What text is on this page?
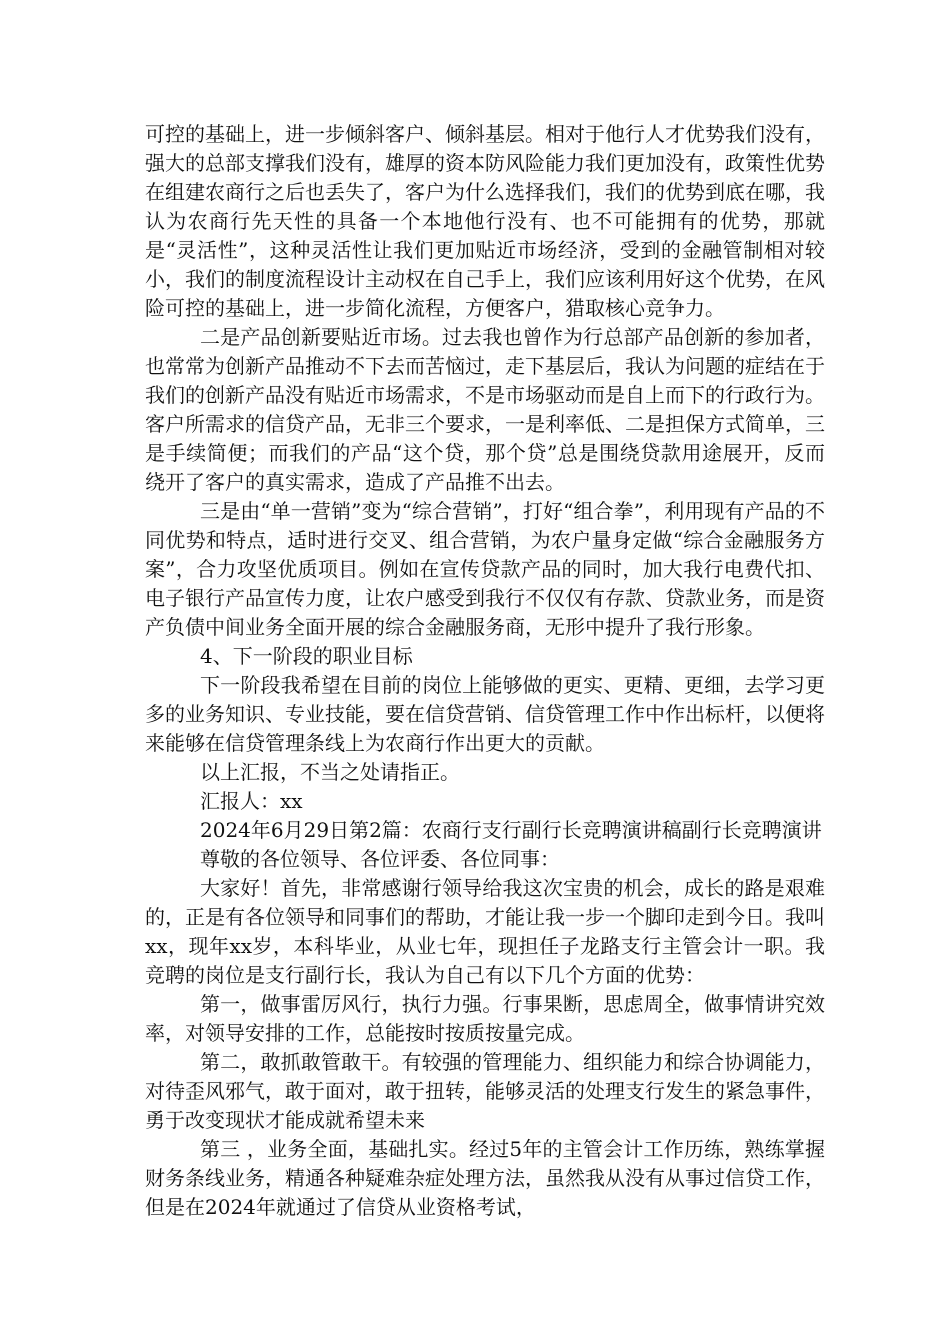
可控的基础上，进一步倾斜客户、倾斜基层。相对于他行人才优势我们没有，强大的总部支撑我们没有，雄厚的资本防风险能力我们更加没有，政策性优势在组建农商行之后也丢失了，客户为什么选择我们，我们的优势到底在哪，我认为农商行先天性的具备一个本地他行没有、也不可能拥有的优势，那就是“灵活性”，这种灵活性让我们更加贴近市场经济，受到的金融管制相对较小，我们的制度流程设计主动权在自己手上，我们应该利用好这个优势，在风险可控的基础上，进一步简化流程，方便客户，猎取核心竞争力。

二是产品创新要贴近市场。过去我也曾作为行总部产品创新的参加者，也常常为创新产品推动不下去而苦恼过，走下基层后，我认为问题的症结在于我们的创新产品没有贴近市场需求，不是市场驱动而是自上而下的行政行为。客户所需求的信贷产品，无非三个要求，一是利率低、二是担保方式简单，三是手续简便；而我们的产品“这个贷，那个贷”总是围绕贷款用途展开，反而绕开了客户的真实需求，造成了产品推不出去。

三是由“单一营销”变为“综合营销”，打好“组合拳”，利用现有产品的不同优势和特点，适时进行交叉、组合营销，为农户量身定做“综合金融服务方案”，合力攻坚优质项目。例如在宣传贷款产品的同时，加大我行电费代扣、电子银行产品宣传力度，让农户感受到我行不仅仅有存款、贷款业务，而是资产负债中间业务全面开展的综合金融服务商，无形中提升了我行形象。

4、下一阶段的职业目标

下一阶段我希望在目前的岗位上能够做的更实、更精、更细，去学习更多的业务知识、专业技能，要在信贷营销、信贷管理工作中作出标杆，以便将来能够在信贷管理条线上为农商行作出更大的贡献。

以上汇报，不当之处请指正。

汇报人：xx

2024年6月29日第2篇：农商行支行副行长竞聘演讲稿副行长竞聘演讲

尊敬的各位领导、各位评委、各位同事：

大家好！首先，非常感谢行领导给我这次宝贵的机会，成长的路是艰难的，正是有各位领导和同事们的帮助，才能让我一步一个脚印走到今日。我叫xx，现年xx岁，本科毕业，从业七年，现担任子龙路支行主管会计一职。我竞聘的岗位是支行副行长，我认为自己有以下几个方面的优势：

第一，做事雷厉风行，执行力强。行事果断，思虑周全，做事情讲究效率，对领导安排的工作，总能按时按质按量完成。

第二，敢抓敢管敢干。有较强的管理能力、组织能力和综合协调能力，对待歪风邪气，敢于面对，敢于扭转，能够灵活的处理支行发生的紧急事件，勇于改变现状才能成就希望未来

第三 ，业务全面，基础扎实。经过5年的主管会计工作历练，熟练掌握财务条线业务，精通各种疑难杂症处理方法，虽然我从没有从事过信贷工作，但是在2024年就通过了信贷从业资格考试，
